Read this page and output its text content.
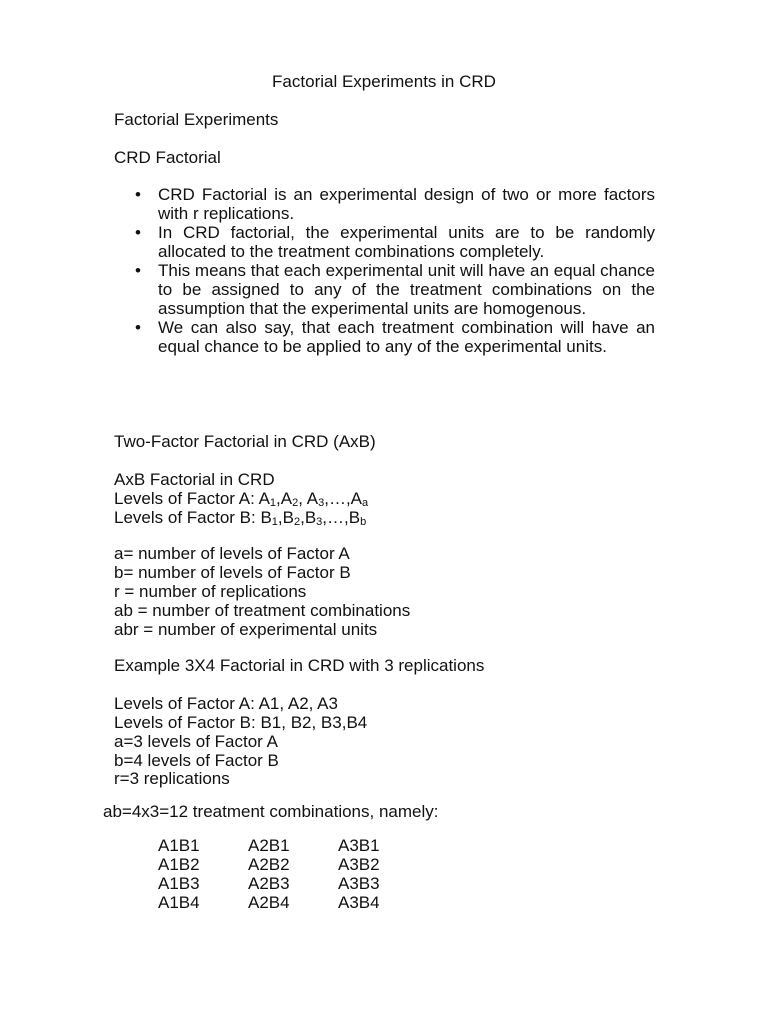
Factorial Experiments in CRD
Factorial Experiments
CRD Factorial
• CRD Factorial is an experimental design of two or more factors with r replications.
• In CRD factorial, the experimental units are to be randomly allocated to the treatment combinations completely.
• This means that each experimental unit will have an equal chance to be assigned to any of the treatment combinations on the assumption that the experimental units are homogenous.
• We can also say, that each treatment combination will have an equal chance to be applied to any of the experimental units.
Two-Factor Factorial in CRD (AxB)
AxB Factorial in CRD
Levels of Factor A: $A_1,A_2$, $A_3,\dots,A_a$
Levels of Factor B: $B_1,B_2,B_3,\dots,B_b$
a= number of levels of Factor A
b= number of levels of Factor B
r = number of replications
ab = number of treatment combinations
abr = number of experimental units
Example 3X4 Factorial in CRD with 3 replications
Levels of Factor A: A1, A2, A3
Levels of Factor B: B1, B2, B3,B4
a=3 levels of Factor A
b=4 levels of Factor B
r=3 replications
ab=4x3=12 treatment combinations, namely:
A1B1	A2B1	A3B1
A1B2	A2B2	A3B2
A1B3	A2B3	A3B3
A1B4	A2B4	A3B4
